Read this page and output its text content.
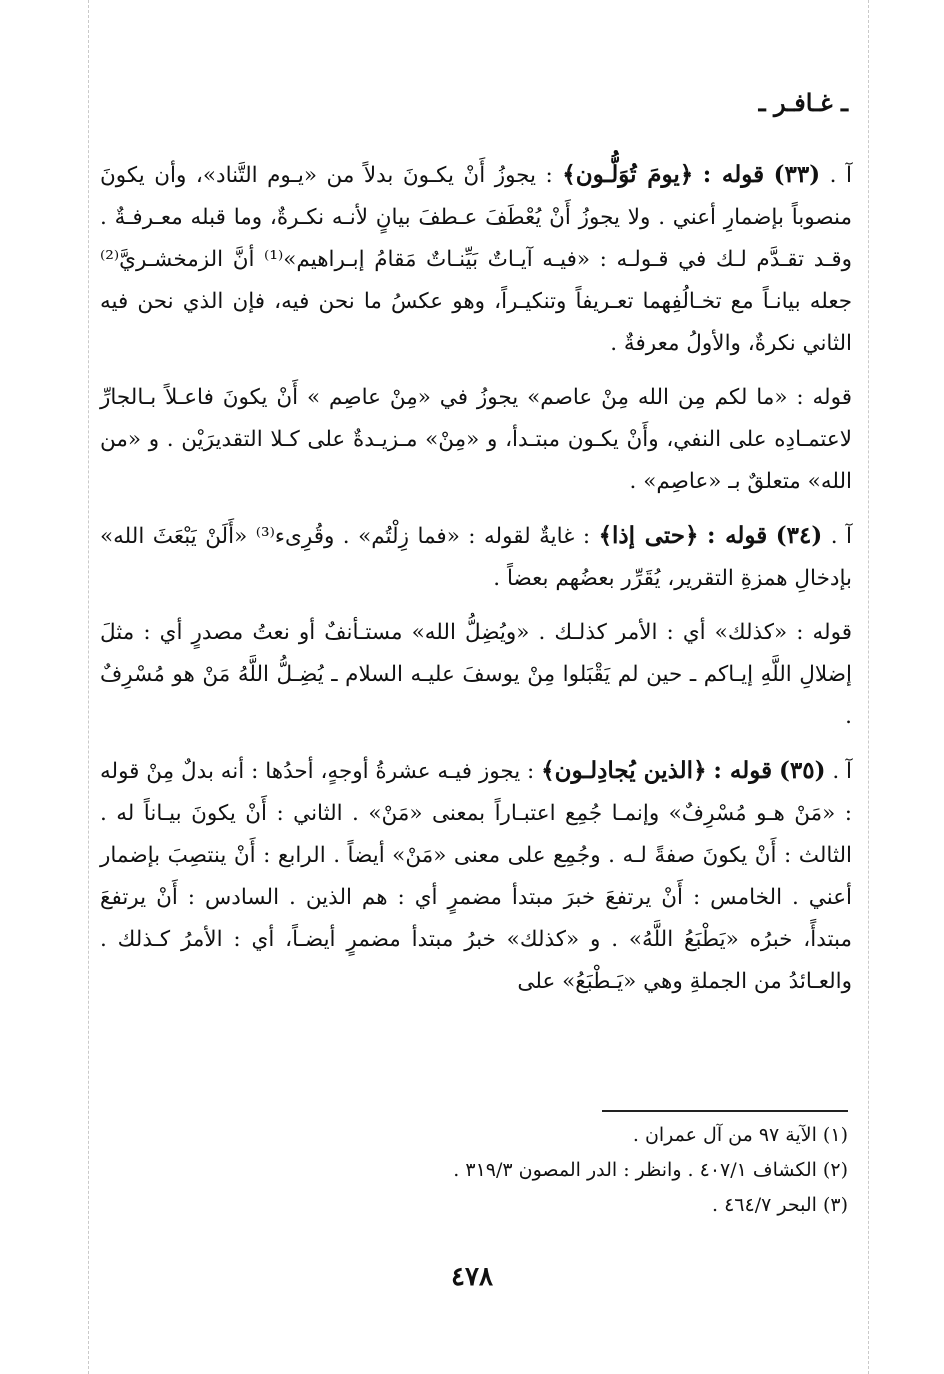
ـ غـافـر ـ

آ . (٣٣) قوله : ﴿يومَ تُوَلُّـون﴾ : يجوزُ أَنْ يكـونَ بدلاً من «يـوم التَّناد»، وأن يكونَ منصوباً بإضمارِ أعني . ولا يجوزُ أَنْ يُعْطَفَ عـطفَ بيانٍ لأنـه نكـرةٌ، وما قبله معـرفـةٌ . وقـد تقـدَّم لـك في قـولـه : «فيـه آيـاتٌ بَيِّنـاتٌ مَقامُ إبـراهيم»⁽¹⁾ أنَّ الزمخشـريَّ⁽²⁾ جعله بيانـاً مع تخـالُفِهما تعـريفاً وتنكيـراً، وهو عكسُ ما نحن فيه، فإن الذي نحن فيه الثاني نكرةٌ، والأولُ معرفةٌ .

قوله : «ما لكم مِن الله مِنْ عاصم» يجوزُ في «مِنْ عاصِم » أَنْ يكونَ فاعـلاً بـالجارِّ لاعتمـادِه على النفي، وأَنْ يكـون مبتـدأ، و «مِنْ» مـزيـدةٌ على كـلا التقديرَيْن . و «من الله» متعلقٌ بـ «عاصِم» .

آ . (٣٤) قوله : ﴿حتى إذا﴾ : غايةٌ لقوله : «فما زِلْتُم» . وقُرِىء⁽³⁾ «أَلَنْ يَبْعَثَ الله» بإدخالِ همزةِ التقرير، يُقَرِّر بعضُهم بعضاً .

قوله : «كذلك» أي : الأمر كذلـك . «ويُضِلُّ الله» مستـأنفٌ أو نعتُ مصدرٍ أي : مثلَ إضلالِ اللَّهِ إيـاكم ـ حين لم يَقْبَلوا مِنْ يوسفَ عليـه السلام ـ يُضِـلُّ اللَّهُ مَنْ هو مُسْرِفٌ .

آ . (٣٥) قوله : ﴿الذين يُجادِلـون﴾ : يجوز فيـه عشرةُ أوجهٍ، أحدُها : أنه بدلٌ مِنْ قوله : «مَنْ هـو مُسْرِفٌ» وإنمـا جُمِع اعتبـاراً بمعنى «مَنْ» . الثاني : أَنْ يكونَ بيـاناً له . الثالث : أَنْ يكونَ صفةً لـه . وجُمِع على معنى «مَنْ» أيضاً . الرابع : أَنْ ينتصِبَ بإضمار أعني . الخامس : أَنْ يرتفعَ خبرَ مبتدأ مضمرٍ أي : هم الذين . السادس : أَنْ يرتفعَ مبتدأً، خبرُه «يَطْبَعُ اللَّهُ» . و «كذلك» خبرُ مبتدأ مضمرٍ أيضـاً، أي : الأمرُ كـذلك . والعـائدُ من الجملةِ وهي «يَـطْبَعُ» على

(١) الآية ٩٧ من آل عمران .

(٢) الكشاف ٤٠٧/١ . وانظر : الدر المصون ٣١٩/٣ .

(٣) البحر ٤٦٤/٧ .

٤٧٨
